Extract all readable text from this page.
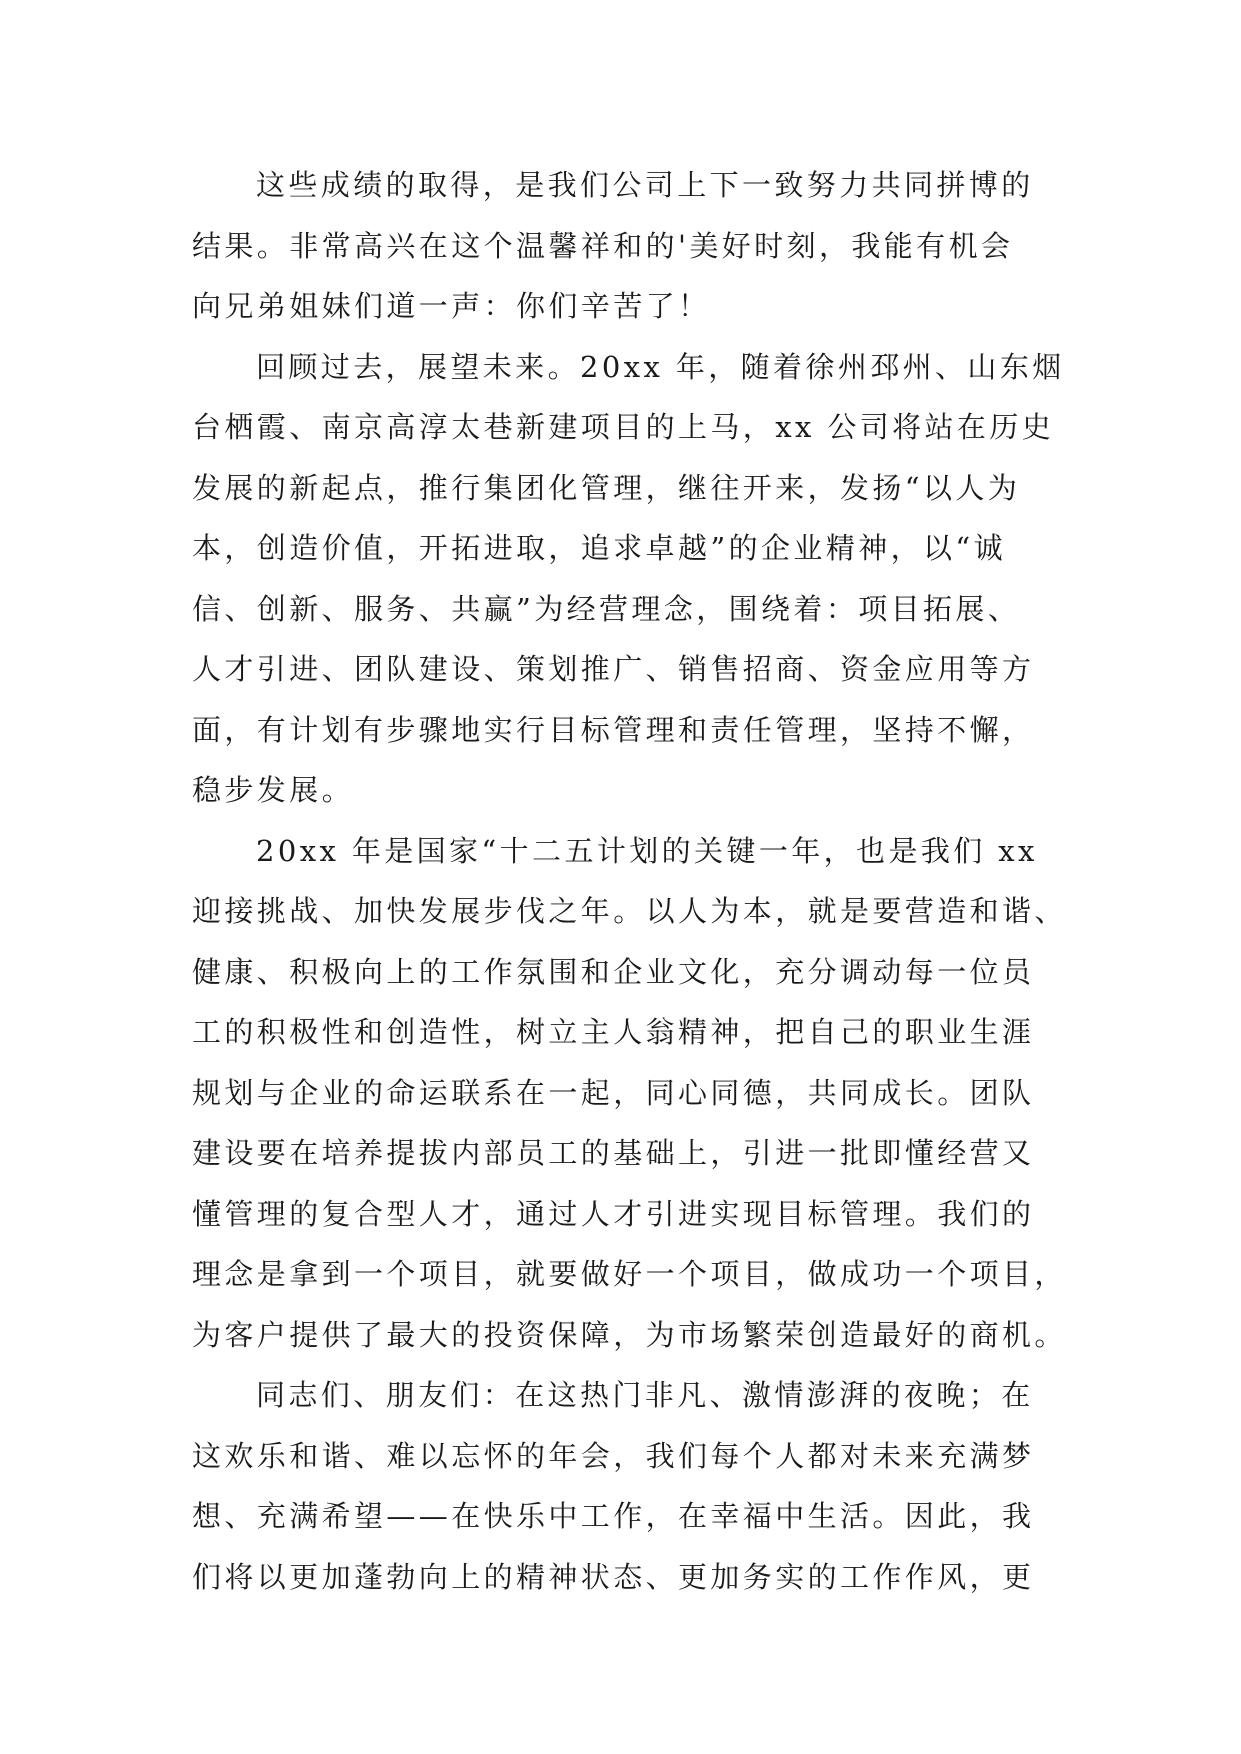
这些成绩的取得，是我们公司上下一致努力共同拼博的
结果。非常高兴在这个温馨祥和的'美好时刻，我能有机会
向兄弟姐妹们道一声：你们辛苦了！
回顾过去，展望未来。20xx 年，随着徐州邳州、山东烟
台栖霞、南京高淳太巷新建项目的上马，xx 公司将站在历史
发展的新起点，推行集团化管理，继往开来，发扬“以人为
本，创造价值，开拓进取，追求卓越”的企业精神，以“诚
信、创新、服务、共赢”为经营理念，围绕着：项目拓展、
人才引进、团队建设、策划推广、销售招商、资金应用等方
面，有计划有步骤地实行目标管理和责任管理，坚持不懈，
稳步发展。
20xx 年是国家“十二五计划的关键一年，也是我们 xx
迎接挑战、加快发展步伐之年。以人为本，就是要营造和谐、
健康、积极向上的工作氛围和企业文化，充分调动每一位员
工的积极性和创造性，树立主人翁精神，把自己的职业生涯
规划与企业的命运联系在一起，同心同德，共同成长。团队
建设要在培养提拔内部员工的基础上，引进一批即懂经营又
懂管理的复合型人才，通过人才引进实现目标管理。我们的
理念是拿到一个项目，就要做好一个项目，做成功一个项目，
为客户提供了最大的投资保障，为市场繁荣创造最好的商机。
同志们、朋友们：在这热门非凡、激情澎湃的夜晚；在
这欢乐和谐、难以忘怀的年会，我们每个人都对未来充满梦
想、充满希望——在快乐中工作，在幸福中生活。因此，我
们将以更加蓬勃向上的精神状态、更加务实的工作作风，更
